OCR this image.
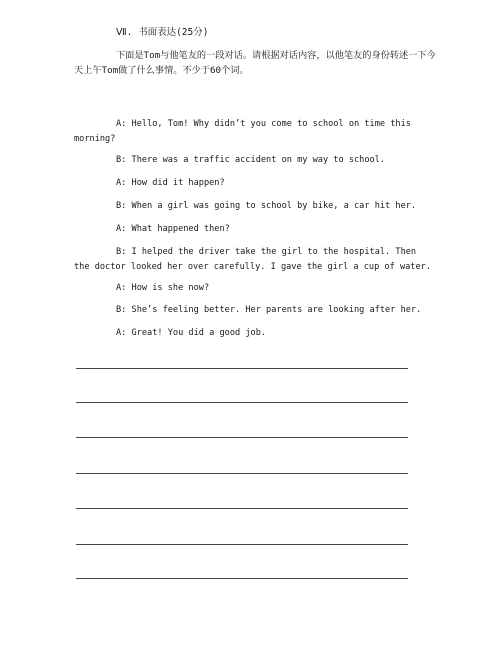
Ⅶ. 书面表达(25分)
下面是Tom与他笔友的一段对话。请根据对话内容，以他笔友的身份转述一下今天上午Tom做了什么事情。不少于60个词。
A: Hello, Tom! Why didn’t you come to school on time this morning?
B: There was a traffic accident on my way to school.
A: How did it happen?
B: When a girl was going to school by bike, a car hit her.
A: What happened then?
B: I helped the driver take the girl to the hospital. Then the doctor looked her over carefully. I gave the girl a cup of water.
A: How is she now?
B: She’s feeling better. Her parents are looking after her.
A: Great! You did a good job.
